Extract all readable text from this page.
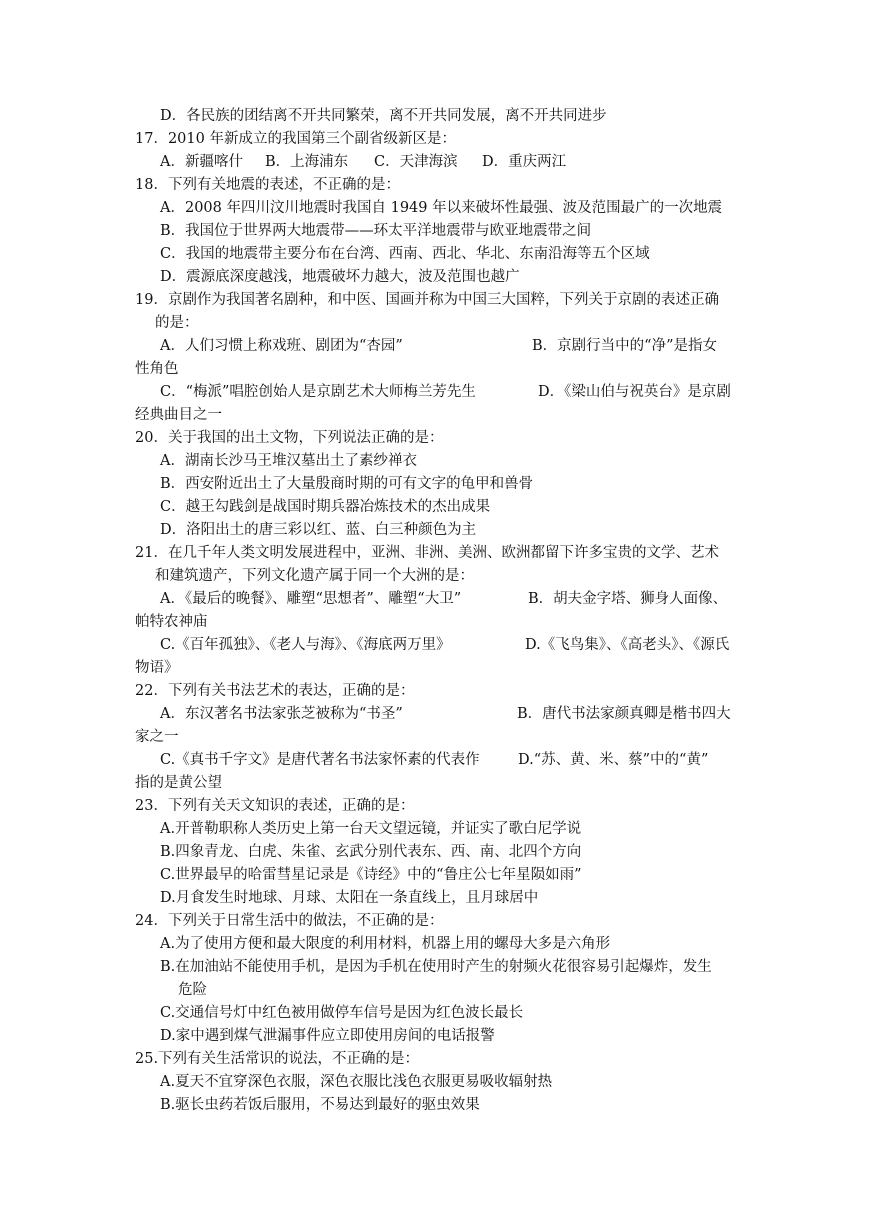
D．各民族的团结离不开共同繁荣，离不开共同发展，离不开共同进步
17．2010 年新成立的我国第三个副省级新区是：
A．新疆喀什 B．上海浦东 C．天津海滨 D．重庆两江
18．下列有关地震的表述，不正确的是：
A．2008 年四川汶川地震时我国自 1949 年以来破坏性最强、波及范围最广的一次地震
B．我国位于世界两大地震带——环太平洋地震带与欧亚地震带之间
C．我国的地震带主要分布在台湾、西南、西北、华北、东南沿海等五个区域
D．震源底深度越浅，地震破坏力越大，波及范围也越广
19．京剧作为我国著名剧种，和中医、国画并称为中国三大国粹，下列关于京剧的表述正确
的是：
A．人们习惯上称戏班、剧团为“杏园”	B．京剧行当中的“净”是指女
性角色
C．“梅派”唱腔创始人是京剧艺术大师梅兰芳先生	D．《梁山伯与祝英台》是京剧
经典曲目之一
20．关于我国的出土文物，下列说法正确的是：
A．湖南长沙马王堆汉墓出土了素纱禅衣
B．西安附近出土了大量殷商时期的可有文字的龟甲和兽骨
C．越王勾践剑是战国时期兵器冶炼技术的杰出成果
D．洛阳出土的唐三彩以红、蓝、白三种颜色为主
21．在几千年人类文明发展进程中，亚洲、非洲、美洲、欧洲都留下许多宝贵的文学、艺术
和建筑遗产，下列文化遗产属于同一个大洲的是：
A．《最后的晚餐》、雕塑“思想者”、雕塑“大卫”	B．胡夫金字塔、狮身人面像、
帕特农神庙
C.《百年孤独》、《老人与海》、《海底两万里》	D.《飞鸟集》、《高老头》、《源氏
物语》
22．下列有关书法艺术的表达，正确的是：
A．东汉著名书法家张芝被称为“书圣”	B．唐代书法家颜真卿是楷书四大
家之一
C.《真书千字文》是唐代著名书法家怀素的代表作	D.“苏、黄、米、蔡”中的“黄”
指的是黄公望
23．下列有关天文知识的表述，正确的是：
A.开普勒职称人类历史上第一台天文望远镜，并证实了歌白尼学说
B.四象青龙、白虎、朱雀、玄武分别代表东、西、南、北四个方向
C.世界最早的哈雷彗星记录是《诗经》中的“鲁庄公七年星陨如雨”
D.月食发生时地球、月球、太阳在一条直线上，且月球居中
24．下列关于日常生活中的做法，不正确的是：
A.为了使用方便和最大限度的利用材料，机器上用的螺母大多是六角形
B.在加油站不能使用手机，是因为手机在使用时产生的射频火花很容易引起爆炸，发生
危险
C.交通信号灯中红色被用做停车信号是因为红色波长最长
D.家中遇到煤气泄漏事件应立即使用房间的电话报警
25.下列有关生活常识的说法，不正确的是：
A.夏天不宜穿深色衣服，深色衣服比浅色衣服更易吸收辐射热
B.驱长虫药若饭后服用，不易达到最好的驱虫效果
